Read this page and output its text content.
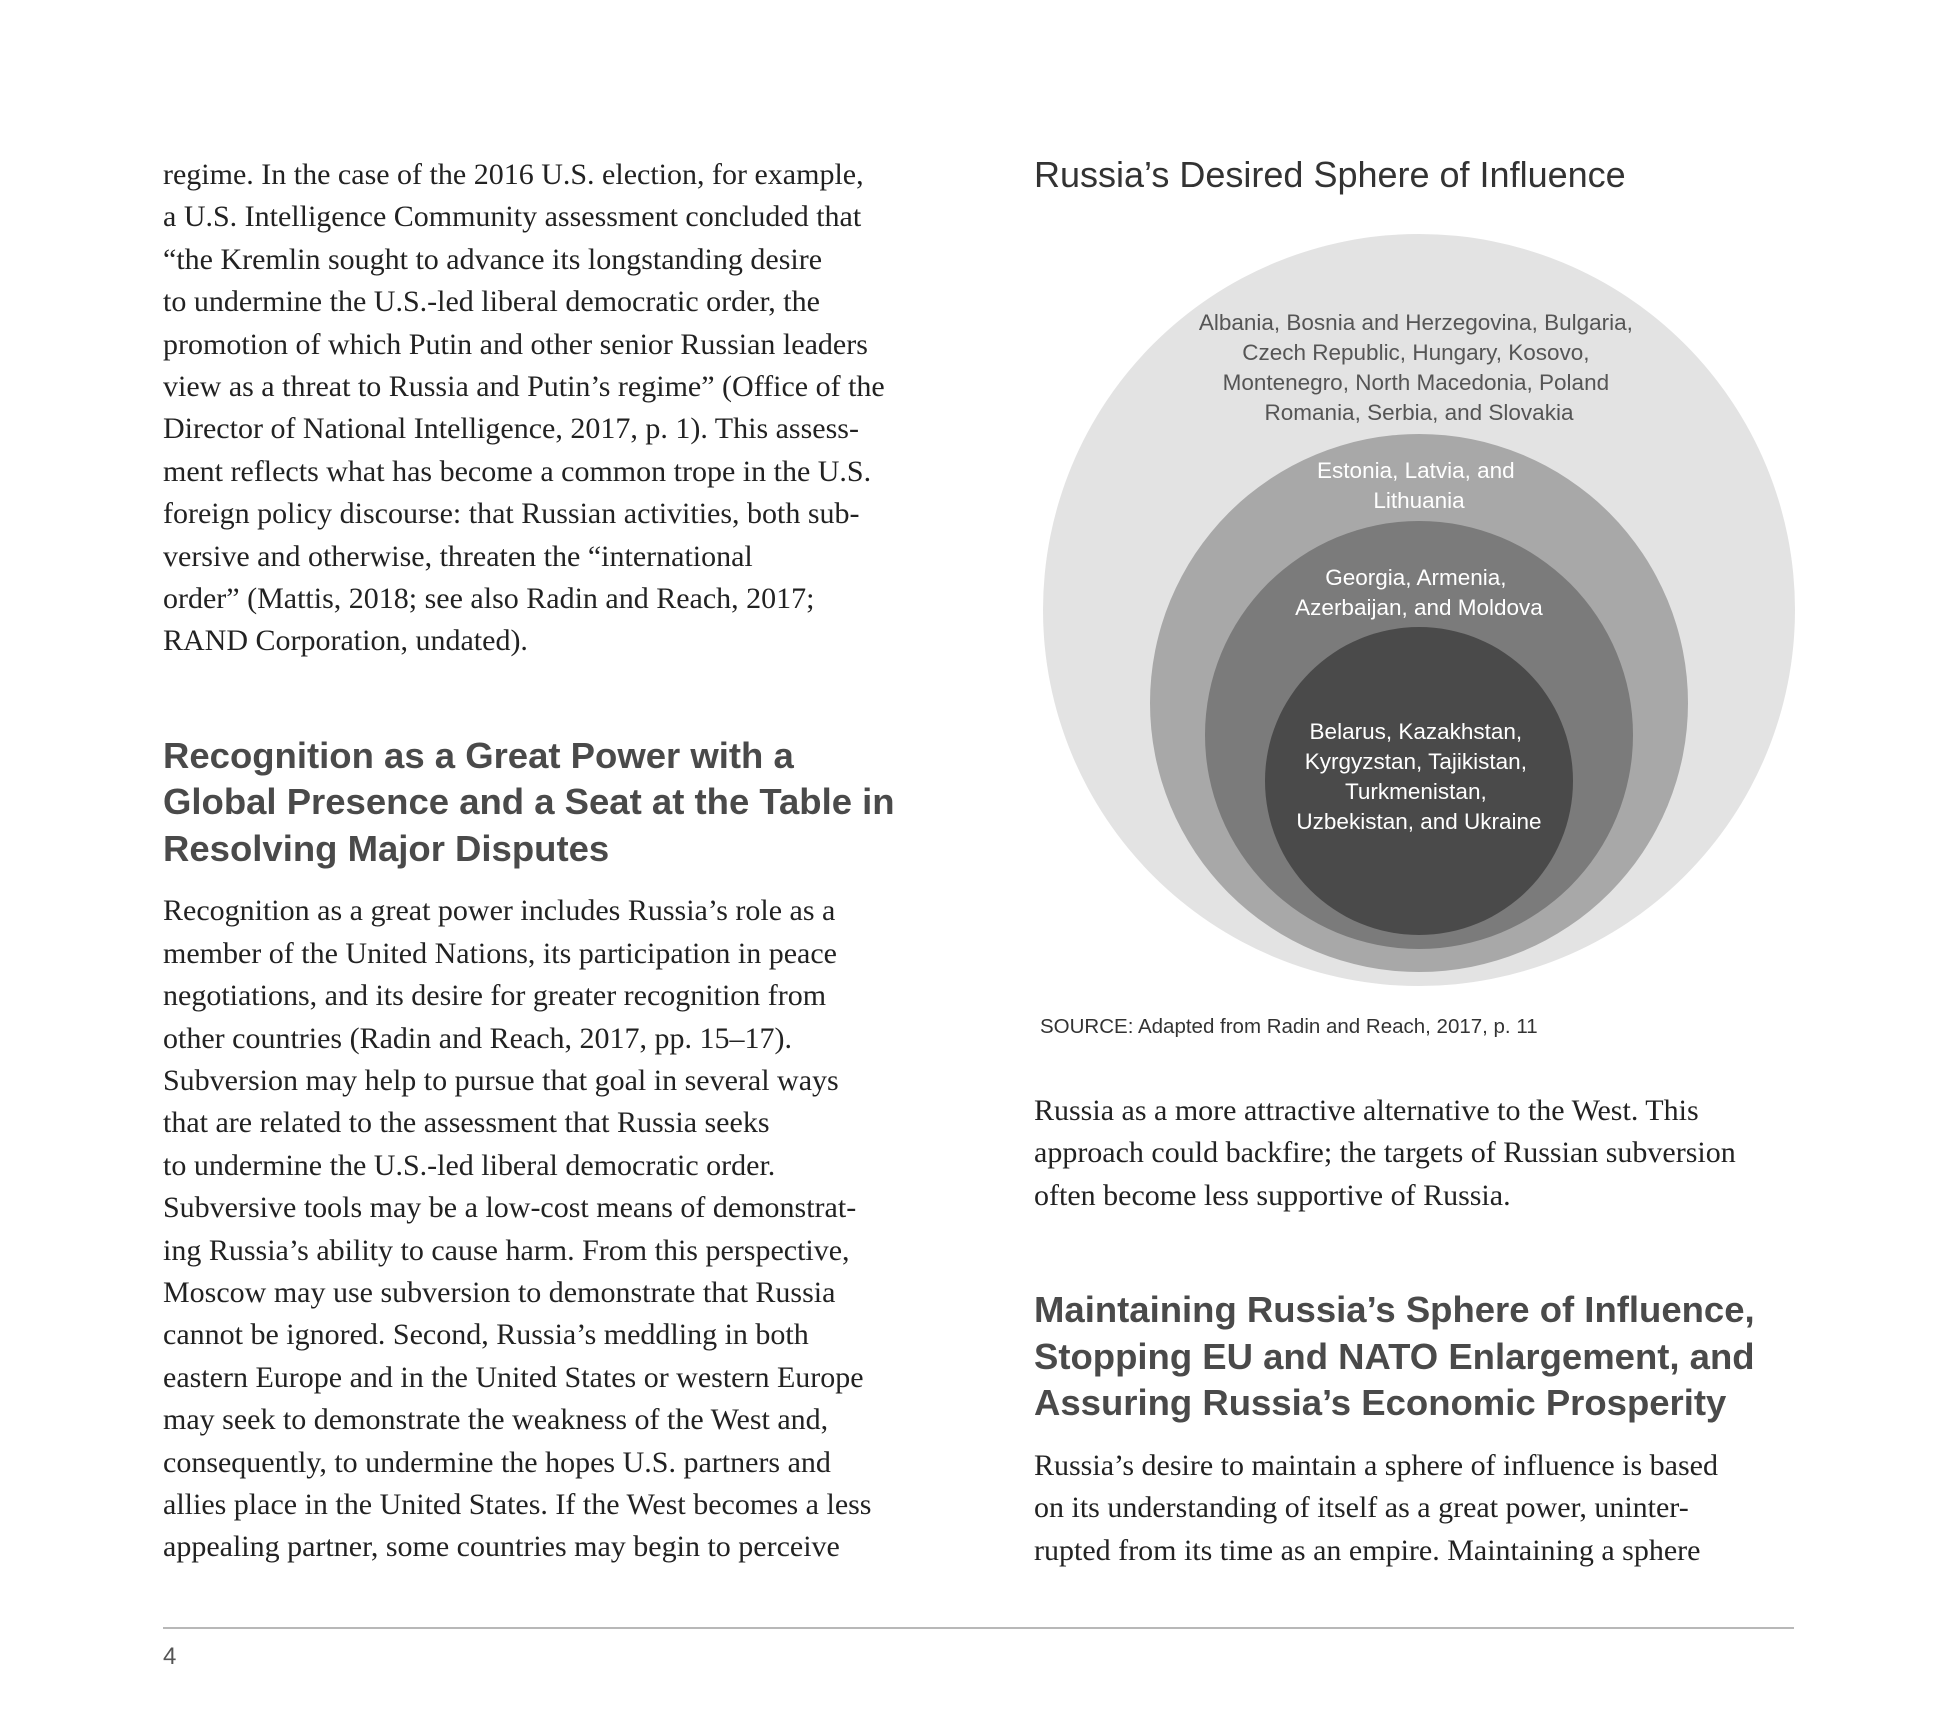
regime. In the case of the 2016 U.S. election, for example,
a U.S. Intelligence Community assessment concluded that
“the Kremlin sought to advance its longstanding desire
to undermine the U.S.-led liberal democratic order, the
promotion of which Putin and other senior Russian leaders
view as a threat to Russia and Putin’s regime” (Office of the
Director of National Intelligence, 2017, p. 1). This assess-
ment reflects what has become a common trope in the U.S.
foreign policy discourse: that Russian activities, both sub-
versive and otherwise, threaten the “international
order” (Mattis, 2018; see also Radin and Reach, 2017;
RAND Corporation, undated).

Recognition as a Great Power with a
Global Presence and a Seat at the Table in
Resolving Major Disputes

Recognition as a great power includes Russia’s role as a
member of the United Nations, its participation in peace
negotiations, and its desire for greater recognition from
other countries (Radin and Reach, 2017, pp. 15–17).
Subversion may help to pursue that goal in several ways
that are related to the assessment that Russia seeks
to undermine the U.S.-led liberal democratic order.
Subversive tools may be a low-cost means of demonstrat-
ing Russia’s ability to cause harm. From this perspective,
Moscow may use subversion to demonstrate that Russia
cannot be ignored. Second, Russia’s meddling in both
eastern Europe and in the United States or western Europe
may seek to demonstrate the weakness of the West and,
consequently, to undermine the hopes U.S. partners and
allies place in the United States. If the West becomes a less
appealing partner, some countries may begin to perceive

Russia’s Desired Sphere of Influence

Albania, Bosnia and Herzegovina, Bulgaria, Czech Republic, Hungary, Kosovo, Montenegro, North Macedonia, Poland Romania, Serbia, and Slovakia
Estonia, Latvia, and Lithuania
Georgia, Armenia, Azerbaijan, and Moldova
Belarus, Kazakhstan, Kyrgyzstan, Tajikistan, Turkmenistan, Uzbekistan, and Ukraine

SOURCE: Adapted from Radin and Reach, 2017, p. 11

Russia as a more attractive alternative to the West. This
approach could backfire; the targets of Russian subversion
often become less supportive of Russia.

Maintaining Russia’s Sphere of Influence,
Stopping EU and NATO Enlargement, and
Assuring Russia’s Economic Prosperity

Russia’s desire to maintain a sphere of influence is based
on its understanding of itself as a great power, uninter-
rupted from its time as an empire. Maintaining a sphere

4
